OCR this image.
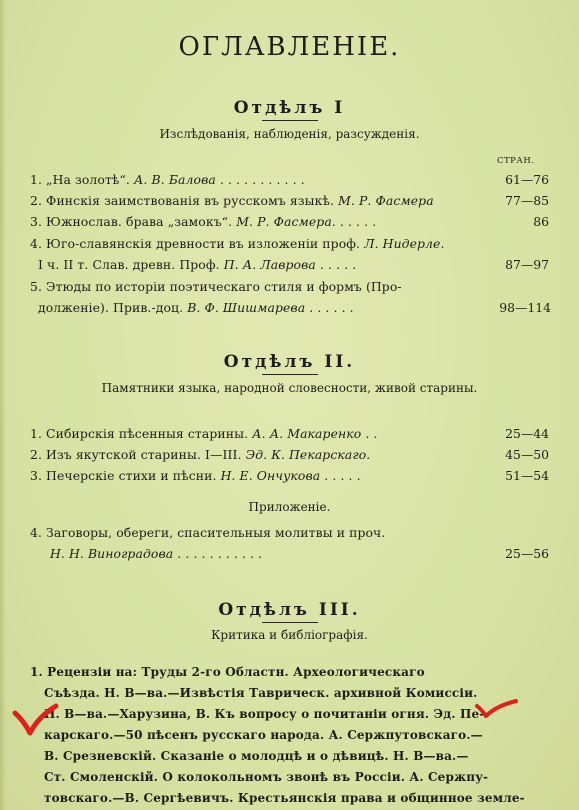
ОГЛАВЛЕНІЕ.
Отдѣлъ I
Изслѣдованія, наблюденія, разсужденія.
СТРАН.
1. „На золотѣ“. А. В. Балова . . . . . . . . . . .	61—76
2. Финскія заимствованія въ русскомъ языкѣ. М. Р. Фасмера	77—85
3. Южнослав. брава „замокъ“. М. Р. Фасмера. . . . . .	86
4. Юго-славянскія древности въ изложеніи проф. Л. Нидерле.
І ч. II т. Слав. древн. Проф. П. А. Лаврова . . . . .	87—97
5. Этюды по исторіи поэтическаго стиля и формъ (Про-
долженіе). Прив.-доц. В. Ф. Шишмарева . . . . . .	98—114
Отдѣлъ II.
Памятники языка, народной словесности, живой старины.
1. Сибирскія пѣсенныя старины. А. А. Макаренко . .	25—44
2. Изъ якутской старины. І—ІІІ. Эд. К. Пекарскаго.	45—50
3. Печерскіе стихи и пѣсни. Н. Е. Ончукова . . . . .	51—54
Приложеніе.
4. Заговоры, обереги, спасительныя молитвы и проч.
Н. Н. Виноградова . . . . . . . . . . .	25—56
Отдѣлъ III.
Критика и библіографія.
1. Рецензіи на: Труды 2-го Областн. Археологическаго
Съѣзда. Н. В—ва.—Извѣстія Таврическ. архивной Комиссіи.
Н. В—ва.—Харузина, В. Къ вопросу о почитаніи огня. Эд. Пе-
карскаго.—50 пѣсенъ русскаго народа. А. Сержпутовскаго.—
В. Срезневскій. Сказаніе о молодцѣ и о дѣвицѣ. Н. В—ва.—
Ст. Смоленскій. О колокольномъ звонѣ въ Россіи. А. Сержпу-
товскаго.—В. Сергѣевичъ. Крестьянскія права и общинное земле-
